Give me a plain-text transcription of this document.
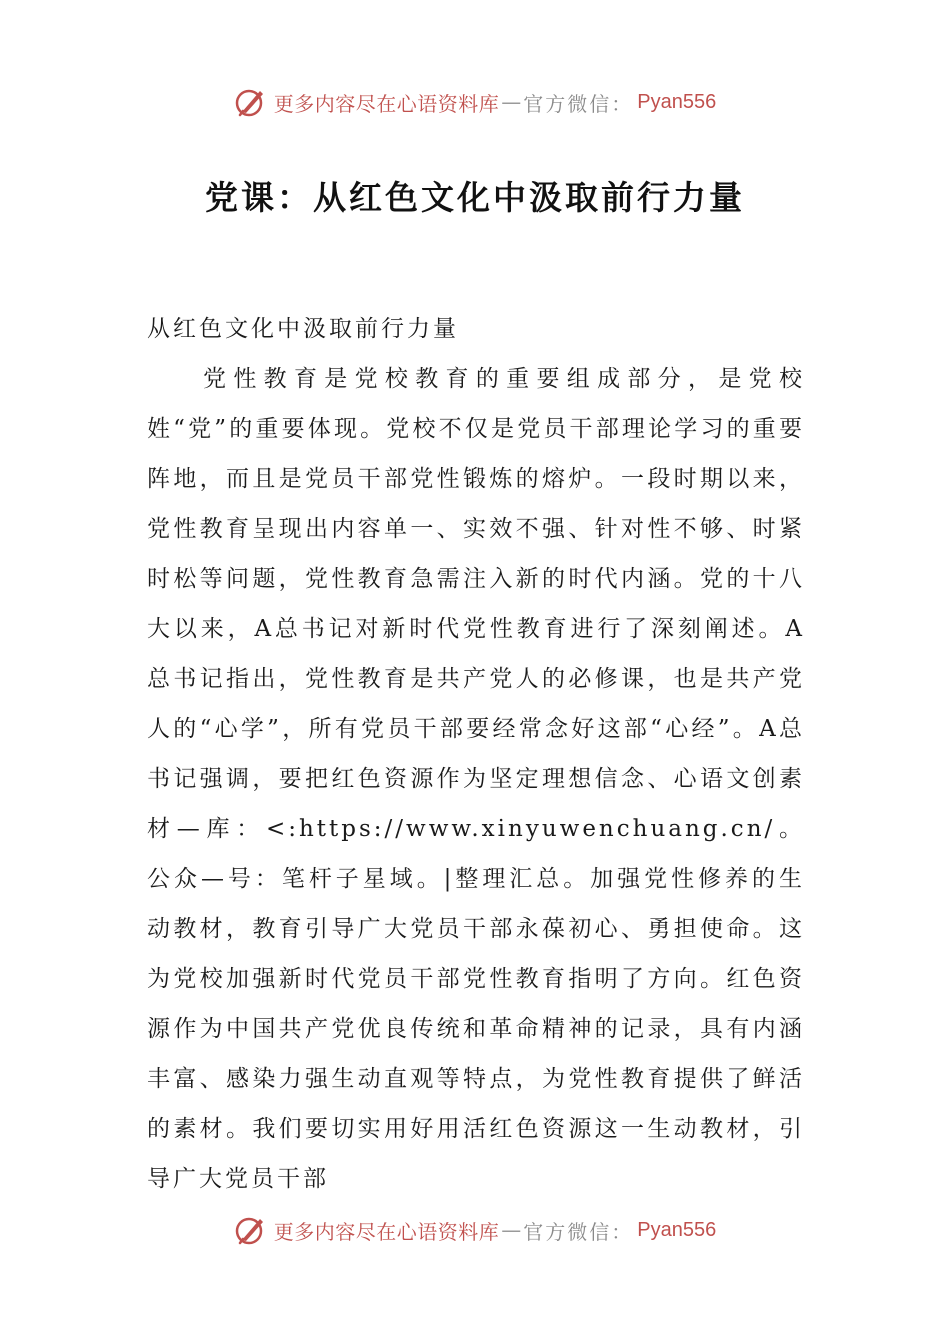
更多内容尽在心语资料库 — 官方微信： Pyan556
党课：从红色文化中汲取前行力量

从红色文化中汲取前行力量

党性教育是党校教育的重要组成部分，是党校姓“党”的重要体现。党校不仅是党员干部理论学习的重要阵地，而且是党员干部党性锻炼的熔炉。一段时期以来，党性教育呈现出内容单一、实效不强、针对性不够、时紧时松等问题，党性教育急需注入新的时代内涵。党的十八大以来，A总书记对新时代党性教育进行了深刻阐述。A总书记指出，党性教育是共产党人的必修课，也是共产党人的“心学”，所有党员干部要经常念好这部“心经”。A总书记强调，要把红色资源作为坚定理想信念、心语文创素材—库：<:https://www.xinyuwenchuang.cn/。公众—号：笔杆子星域。|整理汇总。加强党性修养的生动教材，教育引导广大党员干部永葆初心、勇担使命。这为党校加强新时代党员干部党性教育指明了方向。红色资源作为中国共产党优良传统和革命精神的记录，具有内涵丰富、感染力强生动直观等特点，为党性教育提供了鲜活的素材。我们要切实用好用活红色资源这一生动教材，引导广大党员干部

更多内容尽在心语资料库 — 官方微信： Pyan556
